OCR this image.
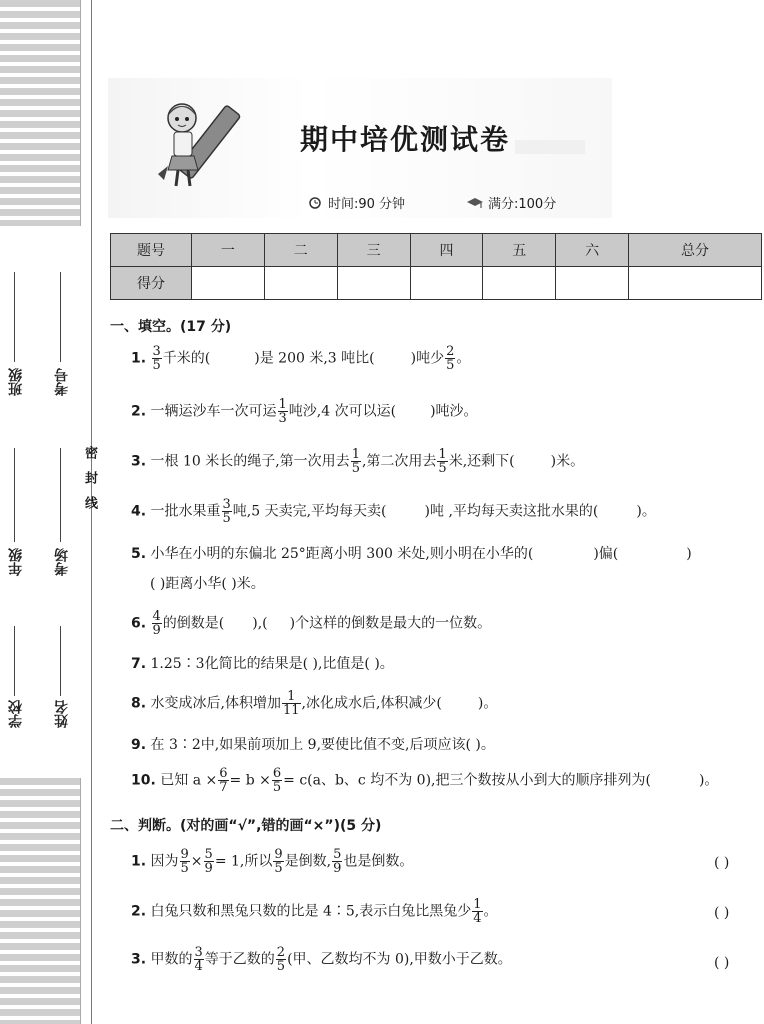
班级 考号
年级 考场
学校 姓名
密封线
期中培优测试卷
时间:90 分钟	满分:100分
题号	一	二	三	四	五	六	总分
得分							
一、填空。(17 分)
1. $\frac{3}{5}$ 千米的(	)是 200 米,3 吨比(	)吨少 $\frac{2}{5}$ 。
2. 一辆运沙车一次可运 $\frac{1}{3}$ 吨沙,4 次可以运( )吨沙。
3. 一根 10 米长的绳子,第一次用去 $\frac{1}{5}$ ,第二次用去 $\frac{1}{5}$ 米,还剩下(	)米。
4. 一批水果重 $\frac{3}{5}$ 吨,5 天卖完,平均每天卖(	)吨 ,平均每天卖这批水果的(	)。
5. 小华在小明的东偏北 25°距离小明 300 米处,则小明在小华的(	)偏(	)
( )距离小华( )米。
6. $\frac{4}{9}$ 的倒数是( ),( )个这样的倒数是最大的一位数。
7. 1.25∶3化简比的结果是( ),比值是( )。
8. 水变成冰后,体积增加 $\frac{1}{11}$ ,冰化成水后,体积减少(	)。
9. 在 3∶2中,如果前项加上 9,要使比值不变,后项应该( )。
10. 已知 $a \times \frac{6}{7} = b \times \frac{6}{5} = c(a$、b、c 均不为 0),把三个数按从小到大的顺序排列为(	)。
二、判断。(对的画“√”,错的画“×”)(5 分)
1. 因为 $\frac{9}{5} \times \frac{5}{9} = 1$,所以 $\frac{9}{5}$ 是倒数, $\frac{5}{9}$ 也是倒数。	( )
2. 白兔只数和黑兔只数的比是 4∶5,表示白兔比黑兔少 $\frac{1}{4}$ 。	( )
3. 甲数的 $\frac{3}{4}$ 等于乙数的 $\frac{2}{5}$ (甲、乙数均不为 0),甲数小于乙数。	( )
